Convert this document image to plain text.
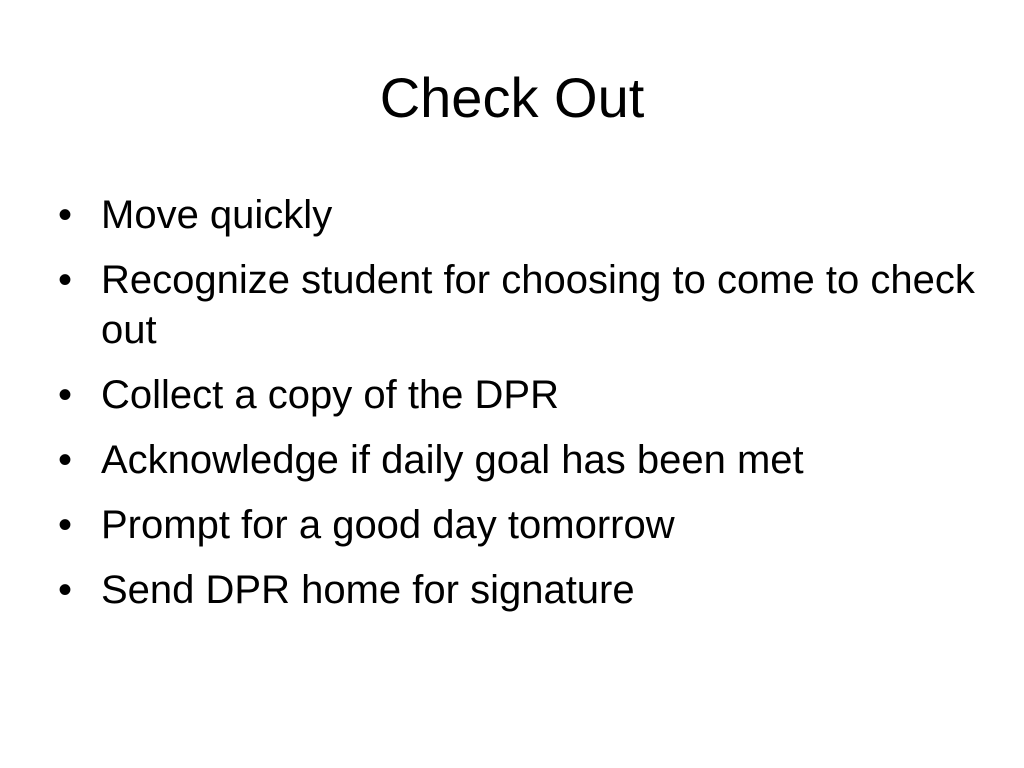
Check Out
• Move quickly
• Recognize student for choosing to come to check out
• Collect a copy of the DPR
• Acknowledge if daily goal has been met
• Prompt for a good day tomorrow
• Send DPR home for signature
